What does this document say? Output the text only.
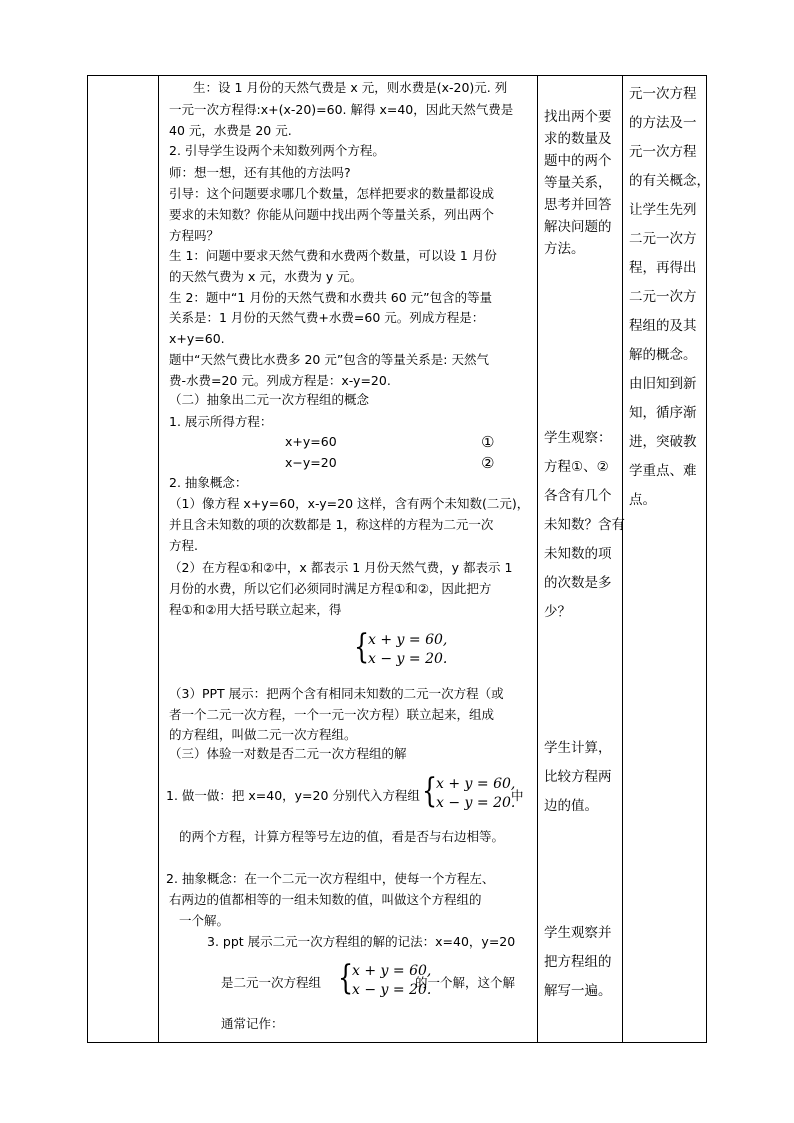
生：设 1 月份的天然气费是 x 元，则水费是(x-20)元. 列
一元一次方程得:x+(x-20)=60. 解得 x=40，因此天然气费是
40 元，水费是 20 元.
2. 引导学生设两个未知数列两个方程。
师：想一想，还有其他的方法吗?
引导：这个问题要求哪几个数量，怎样把要求的数量都设成
要求的未知数？你能从问题中找出两个等量关系，列出两个
方程吗？
生 1：问题中要求天然气费和水费两个数量，可以设 1 月份
的天然气费为 x 元，水费为 y 元。
生 2：题中“1 月份的天然气费和水费共 60 元”包含的等量
关系是：1 月份的天然气费+水费=60 元。列成方程是：
x+y=60.
题中“天然气费比水费多 20 元”包含的等量关系是: 天然气
费-水费=20 元。列成方程是：x-y=20.
（二）抽象出二元一次方程组的概念
1. 展示所得方程：
x+y=60	①
x−y=20	②
2. 抽象概念：
（1）像方程 x+y=60，x-y=20 这样，含有两个未知数(二元)，
并且含未知数的项的次数都是 1，称这样的方程为二元一次
方程.
（2）在方程①和②中，x 都表示 1 月份天然气费，y 都表示 1
月份的水费，所以它们必须同时满足方程①和②，因此把方
程①和②用大括号联立起来，得
{
x + y = 60,
x − y = 20.
（3）PPT 展示：把两个含有相同未知数的二元一次方程（或
者一个二元一次方程，一个一元一次方程）联立起来，组成
的方程组，叫做二元一次方程组。
（三）体验一对数是否二元一次方程组的解
1. 做一做：把 x=40，y=20 分别代入方程组 {
x + y = 60,
x − y = 20.
中
的两个方程，计算方程等号左边的值，看是否与右边相等。
2. 抽象概念：在一个二元一次方程组中，使每一个方程左、
右两边的值都相等的一组未知数的值，叫做这个方程组的
一个解。
3. ppt 展示二元一次方程组的解的记法：x=40，y=20
是二元一次方程组 {
x + y = 60,
x − y = 20.
的一个解，这个解
通常记作：
找出两个要
求的数量及
题中的两个
等量关系，
思考并回答
解决问题的
方法。
学生观察：
方程①、②
各含有几个
未知数？含有
未知数的项
的次数是多
少？
学生计算，
比较方程两
边的值。
学生观察并
把方程组的
解写一遍。
元一次方程
的方法及一
元一次方程
的有关概念，
让学生先列
二元一次方
程，再得出
二元一次方
程组的及其
解的概念。
由旧知到新
知，循序渐
进，突破教
学重点、难
点。
